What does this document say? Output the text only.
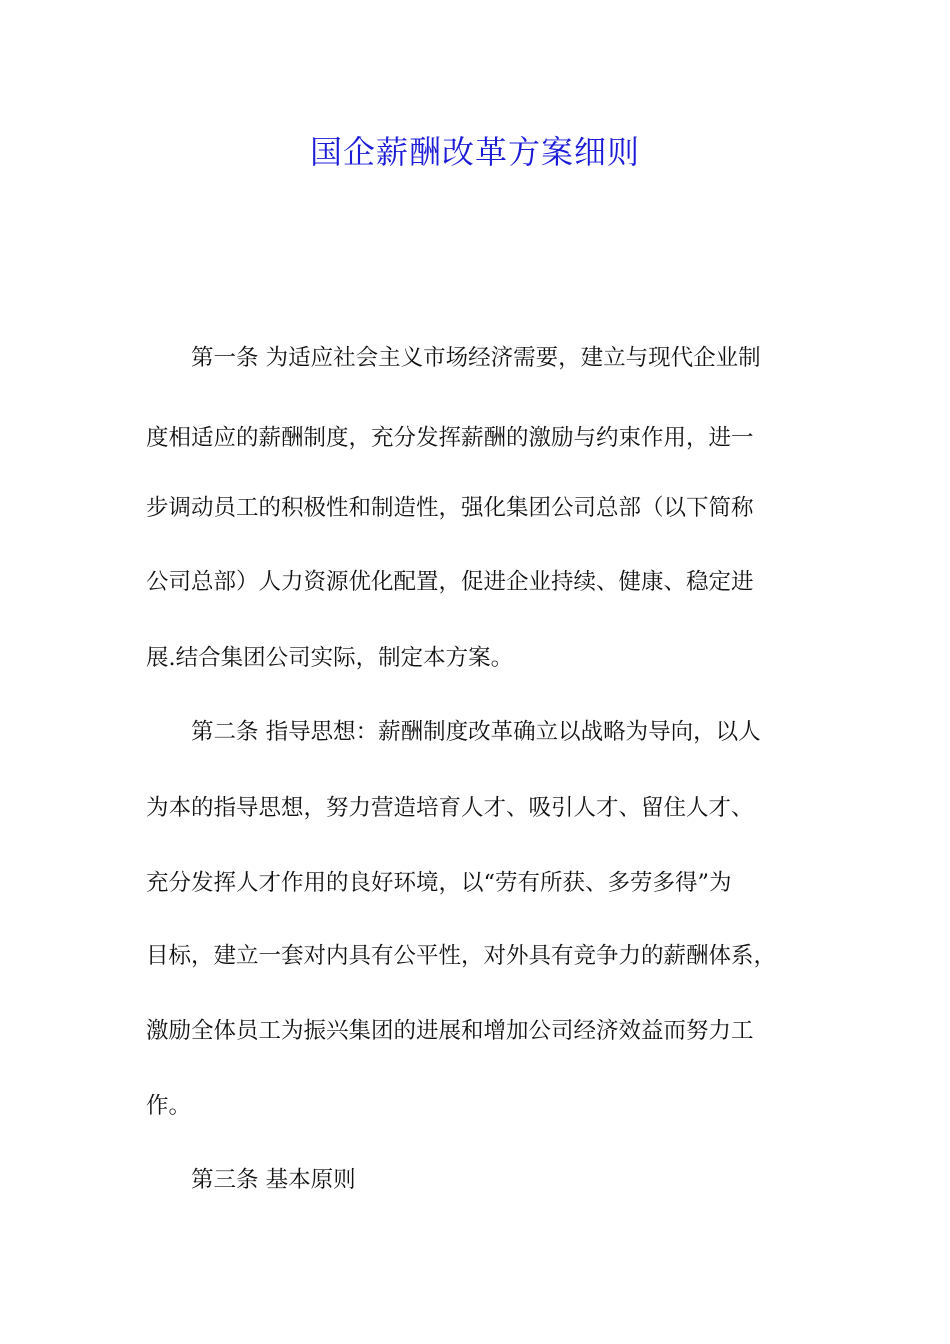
国企薪酬改革方案细则

第一条 为适应社会主义市场经济需要，建立与现代企业制

度相适应的薪酬制度，充分发挥薪酬的激励与约束作用，进一

步调动员工的积极性和制造性，强化集团公司总部（以下简称

公司总部）人力资源优化配置，促进企业持续、健康、稳定进

展.结合集团公司实际，制定本方案。

第二条 指导思想：薪酬制度改革确立以战略为导向，以人

为本的指导思想，努力营造培育人才、吸引人才、留住人才、

充分发挥人才作用的良好环境，以“劳有所获、多劳多得”为

目标，建立一套对内具有公平性，对外具有竞争力的薪酬体系，

激励全体员工为振兴集团的进展和增加公司经济效益而努力工

作。

第三条 基本原则
